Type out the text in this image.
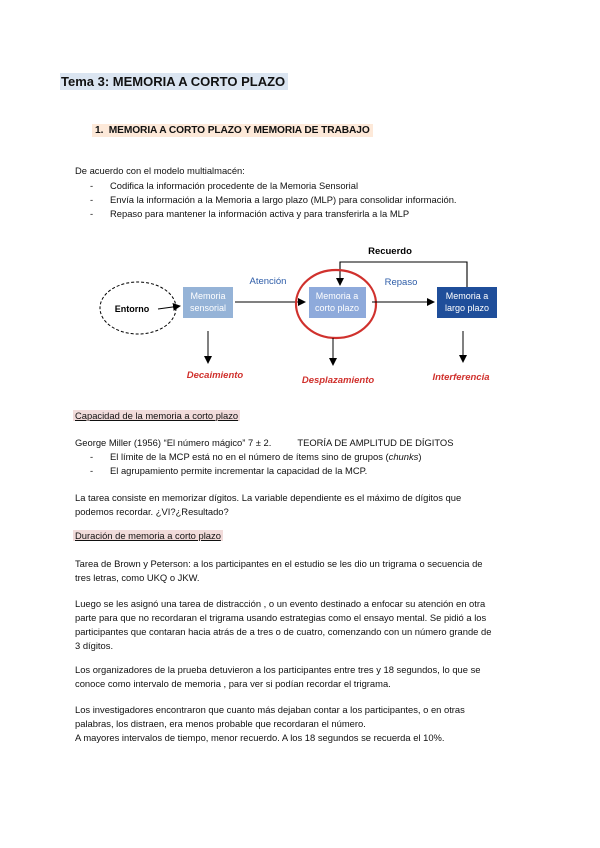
Tema 3: MEMORIA A CORTO PLAZO
1. MEMORIA A CORTO PLAZO Y MEMORIA DE TRABAJO
De acuerdo con el modelo multialmacén:
- Codifica la información procedente de la Memoria Sensorial
- Envía la información a la Memoria a largo plazo (MLP) para consolidar información.
- Repaso para mantener la información activa y para transferirla a la MLP
Recuerdo
Entorno
Memoria
sensorial
Atención
Memoria a
corto plazo
Repaso
Memoria a
largo plazo
Decaimiento	Desplazamiento	Interferencia
Capacidad de la memoria a corto plazo
George Miller (1956) “El número mágico” 7 ± 2.	TEORÍA DE AMPLITUD DE DÍGITOS
- El límite de la MCP está no en el número de ítems sino de grupos (chunks)
- El agrupamiento permite incrementar la capacidad de la MCP.
La tarea consiste en memorizar dígitos. La variable dependiente es el máximo de dígitos que
podemos recordar. ¿VI?¿Resultado?
Duración de memoria a corto plazo
Tarea de Brown y Peterson: a los participantes en el estudio se les dio un trigrama o secuencia de
tres letras, como UKQ o JKW.
Luego se les asignó una tarea de distracción , o un evento destinado a enfocar su atención en otra
parte para que no recordaran el trigrama usando estrategias como el ensayo mental. Se pidió a los
participantes que contaran hacia atrás de a tres o de cuatro, comenzando con un número grande de
3 dígitos.
Los organizadores de la prueba detuvieron a los participantes entre tres y 18 segundos, lo que se
conoce como intervalo de memoria , para ver si podían recordar el trigrama.
Los investigadores encontraron que cuanto más dejaban contar a los participantes, o en otras
palabras, los distraen, era menos probable que recordaran el número.
A mayores intervalos de tiempo, menor recuerdo. A los 18 segundos se recuerda el 10%.
